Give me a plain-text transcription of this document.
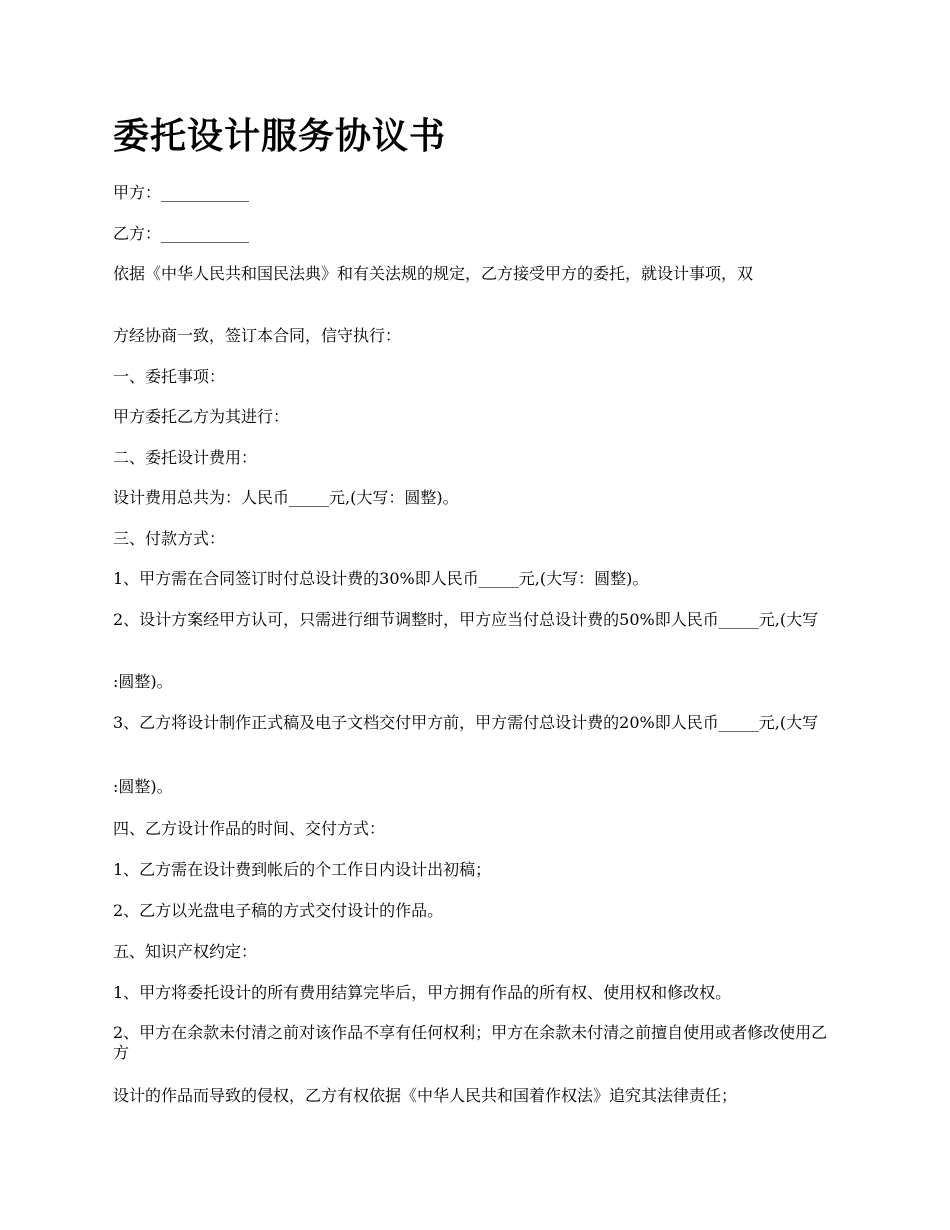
委托设计服务协议书

甲方：___________

乙方：___________

依据《中华人民共和国民法典》和有关法规的规定，乙方接受甲方的委托，就设计事项，双

方经协商一致，签订本合同，信守执行：

一、委托事项：

甲方委托乙方为其进行：

二、委托设计费用：

设计费用总共为：人民币_____元,(大写：圆整)。

三、付款方式：

1、甲方需在合同签订时付总设计费的30%即人民币_____元,(大写：圆整)。

2、设计方案经甲方认可，只需进行细节调整时，甲方应当付总设计费的50%即人民币_____元,(大写

:圆整)。

3、乙方将设计制作正式稿及电子文档交付甲方前，甲方需付总设计费的20%即人民币_____元,(大写

:圆整)。

四、乙方设计作品的时间、交付方式：

1、乙方需在设计费到帐后的个工作日内设计出初稿；

2、乙方以光盘电子稿的方式交付设计的作品。

五、知识产权约定：

1、甲方将委托设计的所有费用结算完毕后，甲方拥有作品的所有权、使用权和修改权。

2、甲方在余款未付清之前对该作品不享有任何权利；甲方在余款未付清之前擅自使用或者修改使用乙方

设计的作品而导致的侵权，乙方有权依据《中华人民共和国着作权法》追究其法律责任；
